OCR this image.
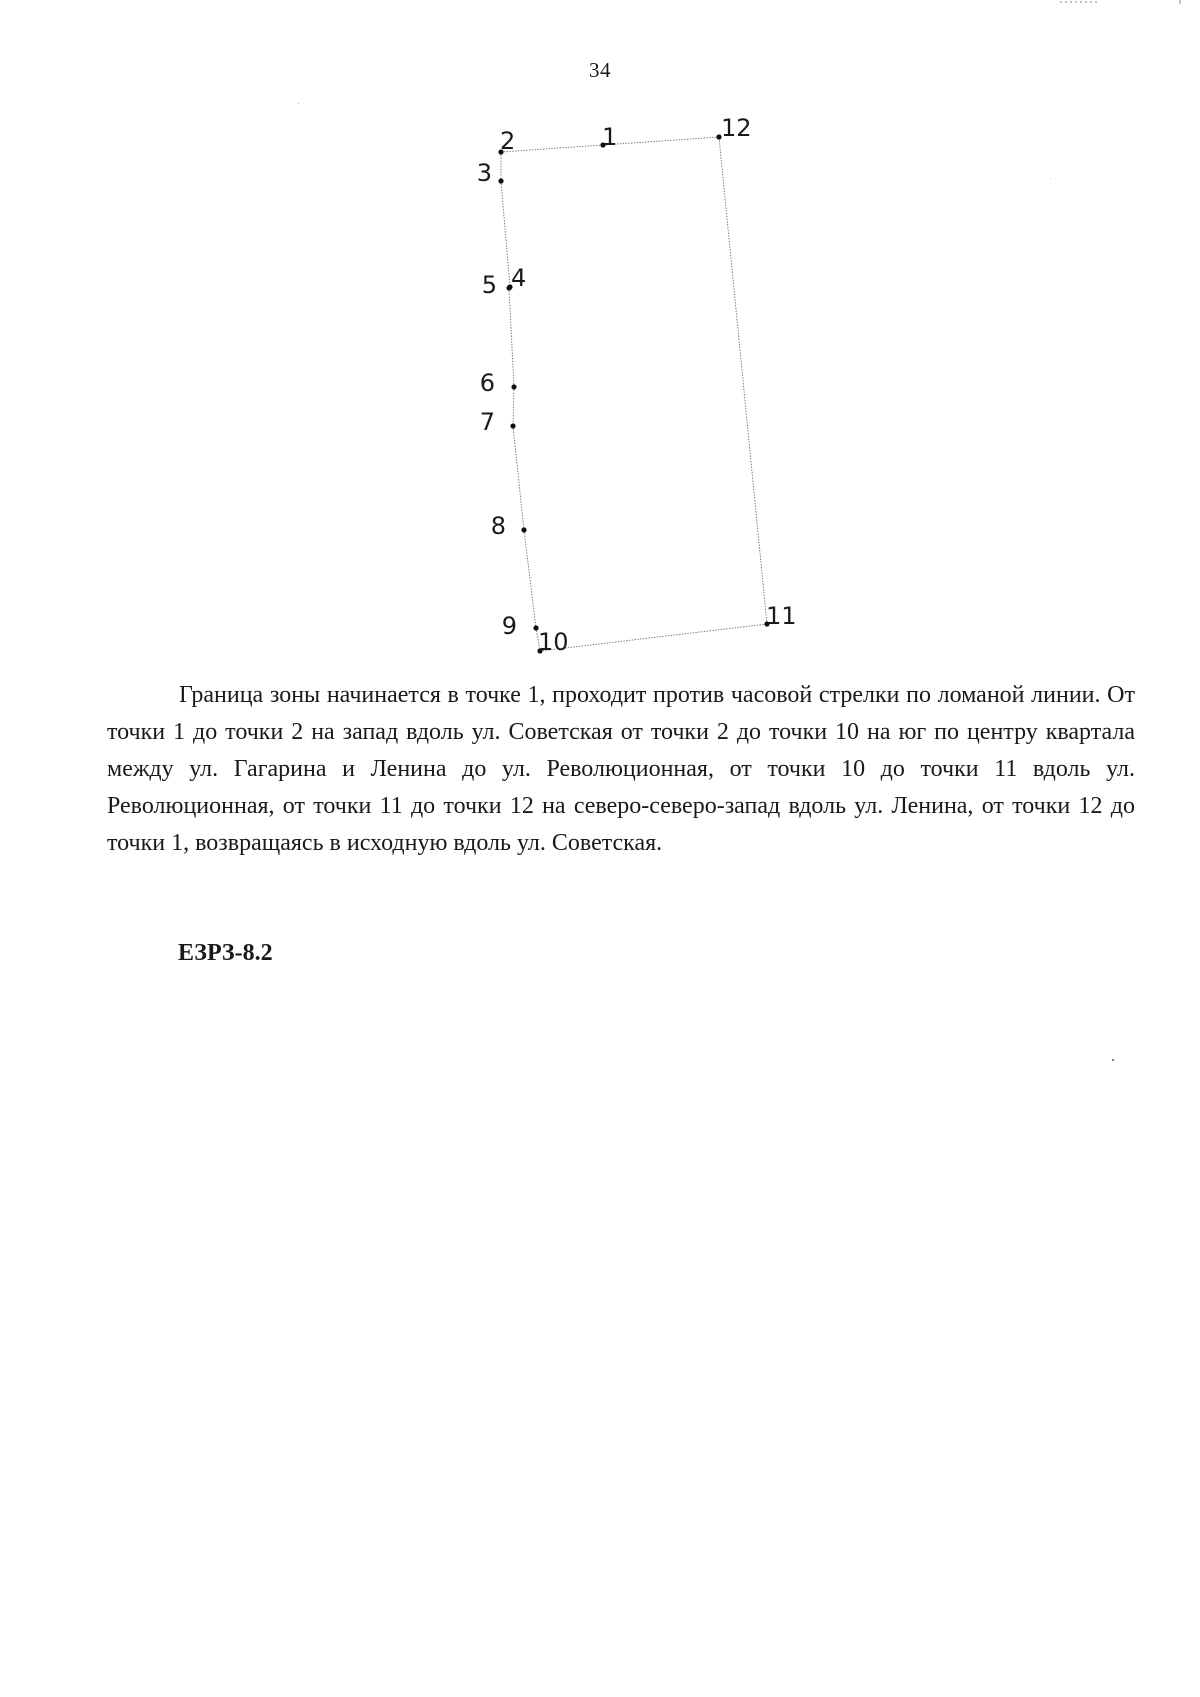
34
1
2
3
4
5
6
7
8
9
10
11
12

Граница зоны начинается в точке 1, проходит против часовой стрелки по ломаной линии. От точки 1 до точки 2 на запад вдоль ул. Советская от точки 2 до точки 10 на юг по центру квартала между ул. Гагарина и Ленина до ул. Революционная, от точки 10 до точки 11 вдоль ул. Революционная, от точки 11 до точки 12 на северо-северо-запад вдоль ул. Ленина, от точки 12 до точки 1, возвращаясь в исходную вдоль ул. Советская.

ЕЗРЗ-8.2
